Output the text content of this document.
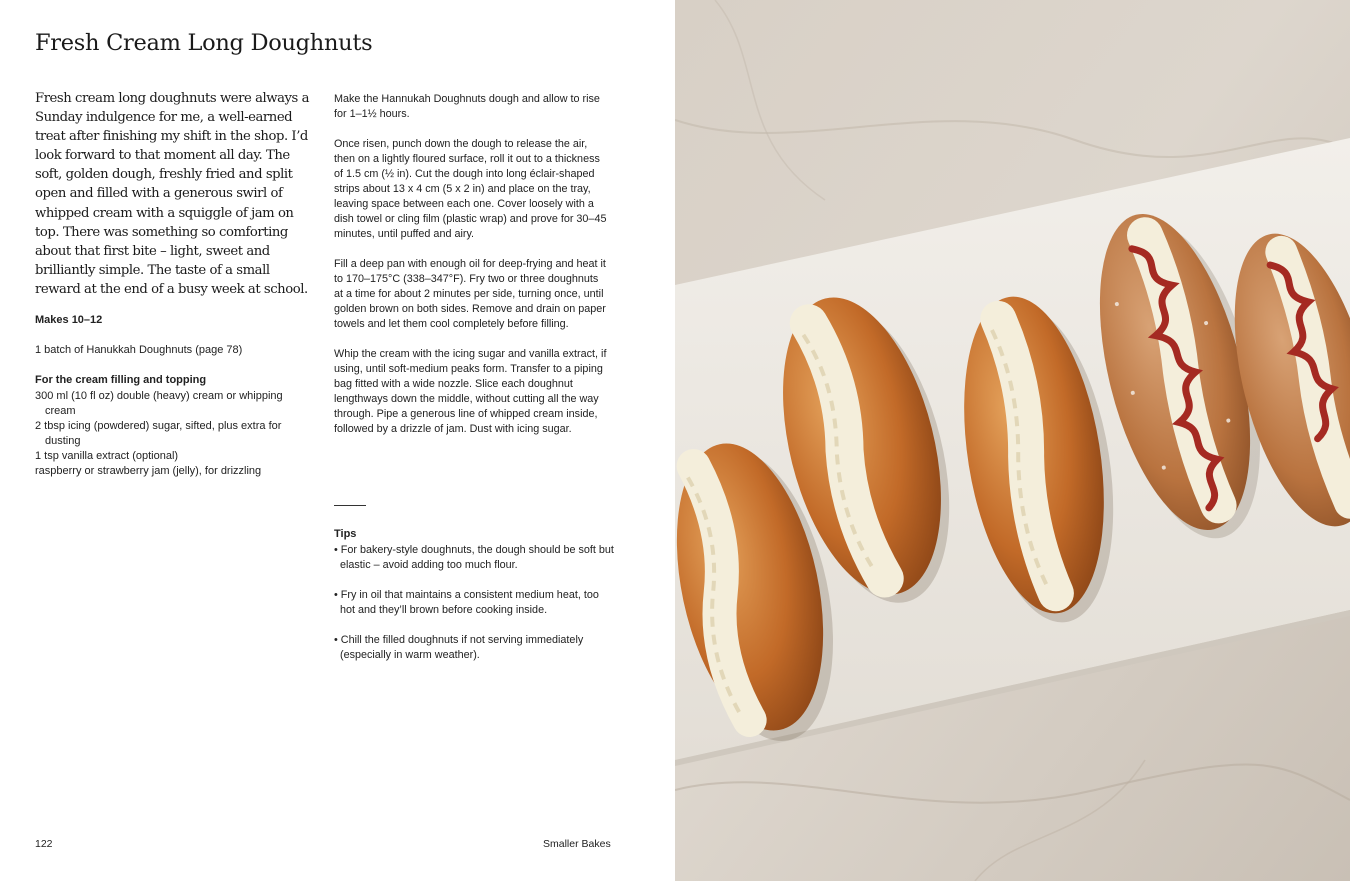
Fresh Cream Long Doughnuts

Fresh cream long doughnuts were always a Sunday indulgence for me, a well-earned treat after finishing my shift in the shop. I’d look forward to that moment all day. The soft, golden dough, freshly fried and split open and filled with a generous swirl of whipped cream with a squiggle of jam on top. There was something so comforting about that first bite – light, sweet and brilliantly simple. The taste of a small reward at the end of a busy week at school.

Makes 10–12

1 batch of Hanukkah Doughnuts (page 78)

For the cream filling and topping

300 ml (10 fl oz) double (heavy) cream or whipping cream
2 tbsp icing (powdered) sugar, sifted, plus extra for dusting
1 tsp vanilla extract (optional)
raspberry or strawberry jam (jelly), for drizzling

Make the Hannukah Doughnuts dough and allow to rise for 1–1½ hours.

Once risen, punch down the dough to release the air, then on a lightly floured surface, roll it out to a thickness of 1.5 cm (½ in). Cut the dough into long éclair-shaped strips about 13 x 4 cm (5 x 2 in) and place on the tray, leaving space between each one. Cover loosely with a dish towel or cling film (plastic wrap) and prove for 30–45 minutes, until puffed and airy.

Fill a deep pan with enough oil for deep-frying and heat it to 170–175°C (338–347°F). Fry two or three doughnuts at a time for about 2 minutes per side, turning once, until golden brown on both sides. Remove and drain on paper towels and let them cool completely before filling.

Whip the cream with the icing sugar and vanilla extract, if using, until soft-medium peaks form. Transfer to a piping bag fitted with a wide nozzle. Slice each doughnut lengthways down the middle, without cutting all the way through. Pipe a generous line of whipped cream inside, followed by a drizzle of jam. Dust with icing sugar.

Tips

• For bakery-style doughnuts, the dough should be soft but elastic – avoid adding too much flour.
• Fry in oil that maintains a consistent medium heat, too hot and they’ll brown before cooking inside.
• Chill the filled doughnuts if not serving immediately (especially in warm weather).
122	Smaller Bakes
